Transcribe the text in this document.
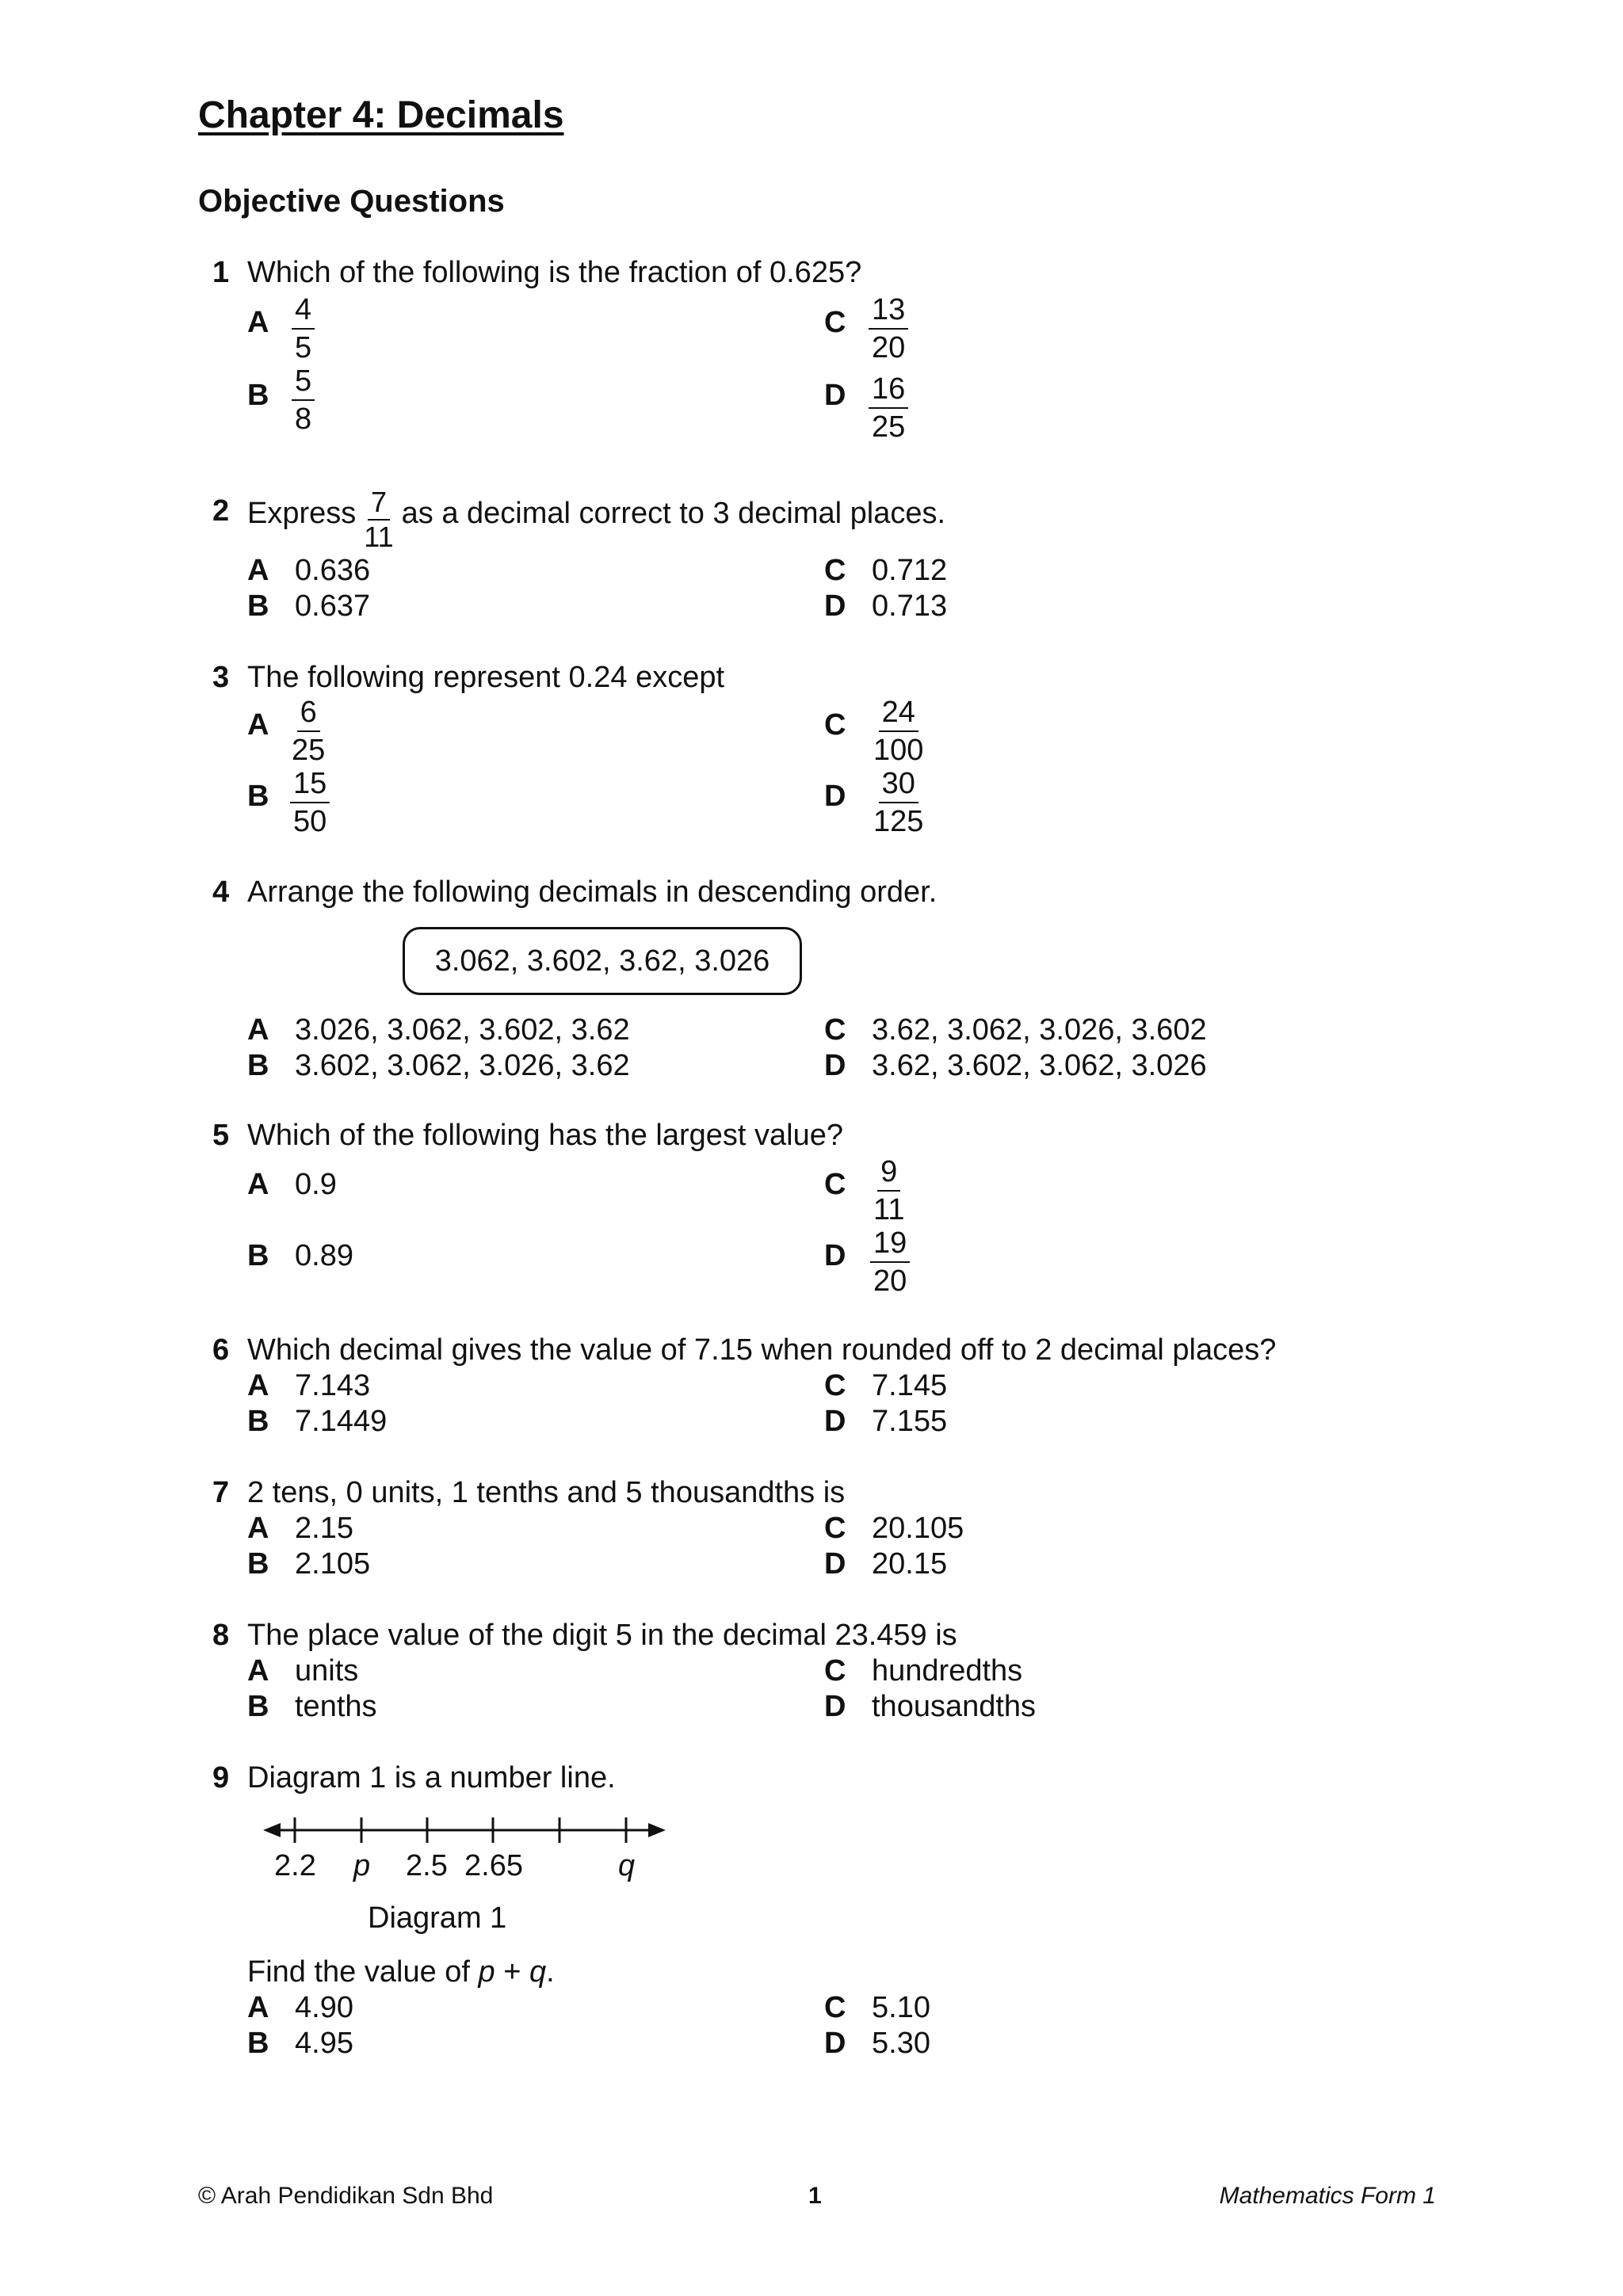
Chapter 4: Decimals
Objective Questions
1 Which of the following is the fraction of 0.625?
A $\frac{4}{5}$
B $\frac{5}{8}$
C $\frac{13}{20}$
D $\frac{16}{25}$
2 Express $\frac{7}{11}$ as a decimal correct to 3 decimal places.
A 0.636
B 0.637
C 0.712
D 0.713
3 The following represent 0.24 except
A $\frac{6}{25}$
B $\frac{15}{50}$
C $\frac{24}{100}$
D $\frac{30}{125}$
4 Arrange the following decimals in descending order.
3.062, 3.602, 3.62, 3.026
A 3.026, 3.062, 3.602, 3.62
B 3.602, 3.062, 3.026, 3.62
C 3.62, 3.062, 3.026, 3.602
D 3.62, 3.602, 3.062, 3.026
5 Which of the following has the largest value?
A 0.9
B 0.89
C $\frac{9}{11}$
D $\frac{19}{20}$
6 Which decimal gives the value of 7.15 when rounded off to 2 decimal places?
A 7.143
B 7.1449
C 7.145
D 7.155
7 2 tens, 0 units, 1 tenths and 5 thousandths is
A 2.15
B 2.105
C 20.105
D 20.15
8 The place value of the digit 5 in the decimal 23.459 is
A units
B tenths
C hundredths
D thousandths
9 Diagram 1 is a number line.
2.2 p 2.5 2.65	q
Diagram 1
Find the value of p + q.
A 4.90
B 4.95
C 5.10
D 5.30
© Arah Pendidikan Sdn Bhd	1	Mathematics Form 1
